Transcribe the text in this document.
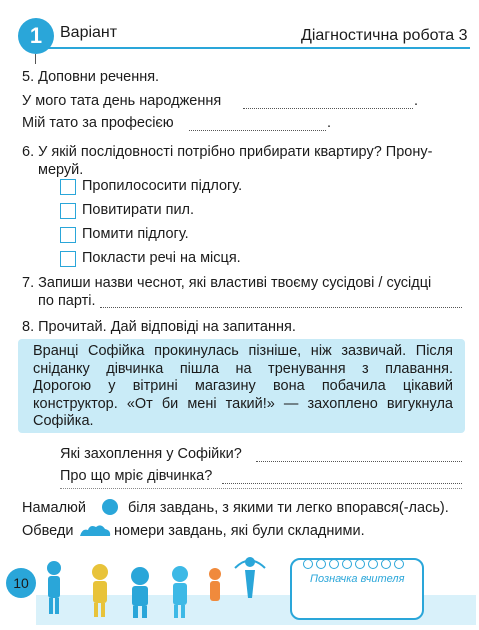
1	Варіант	Діагностична робота 3
5. Доповни речення.
У мого тата день народження	.
Мій тато за професією	.
6. У якій послідовності потрібно прибирати квартиру? Прону-
меруй.
Пропилососити підлогу.
Повитирати пил.
Помити підлогу.
Покласти речі на місця.
7. Запиши назви чеснот, які властиві твоєму сусідові / сусідці
по парті.
8. Прочитай. Дай відповіді на запитання.
Вранці Софійка прокинулась пізніше, ніж зазвичай. Після
сніданку дівчинка пішла на тренування з плавання.
Дорогою у вітрині магазину вона побачила цікавий
конструктор. «От би мені такий!» — захоплено вигукнула
Софійка.
Які захоплення у Софійки?
Про що мріє дівчинка?
Намалюй	біля завдань, з якими ти легко впорався(-лась).
Обведи	номери завдань, які були складними.
10	Позначка вчителя
